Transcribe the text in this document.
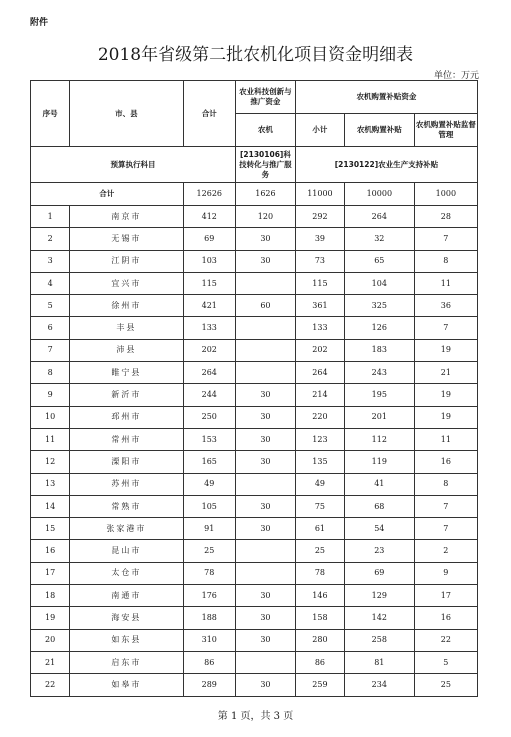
附件
2018年省级第二批农机化项目资金明细表
单位：万元
序号	市、县	合计	农业科技创新与推广资金	农机购置补贴资金		
			农机	小计	农机购置补贴	农机购置补贴监督管理
预算执行科目			[2130106]科技转化与推广服务	[2130122]农业生产支持补贴		
合计		12626	1626	11000	10000	1000
1	南京市	412	120	292	264	28
2	无锡市	69	30	39	32	7
3	江阴市	103	30	73	65	8
4	宜兴市	115		115	104	11
5	徐州市	421	60	361	325	36
6	丰县	133		133	126	7
7	沛县	202		202	183	19
8	睢宁县	264		264	243	21
9	新沂市	244	30	214	195	19
10	邳州市	250	30	220	201	19
11	常州市	153	30	123	112	11
12	溧阳市	165	30	135	119	16
13	苏州市	49		49	41	8
14	常熟市	105	30	75	68	7
15	张家港市	91	30	61	54	7
16	昆山市	25		25	23	2
17	太仓市	78		78	69	9
18	南通市	176	30	146	129	17
19	海安县	188	30	158	142	16
20	如东县	310	30	280	258	22
21	启东市	86		86	81	5
22	如皋市	289	30	259	234	25
第 1 页，共 3 页
